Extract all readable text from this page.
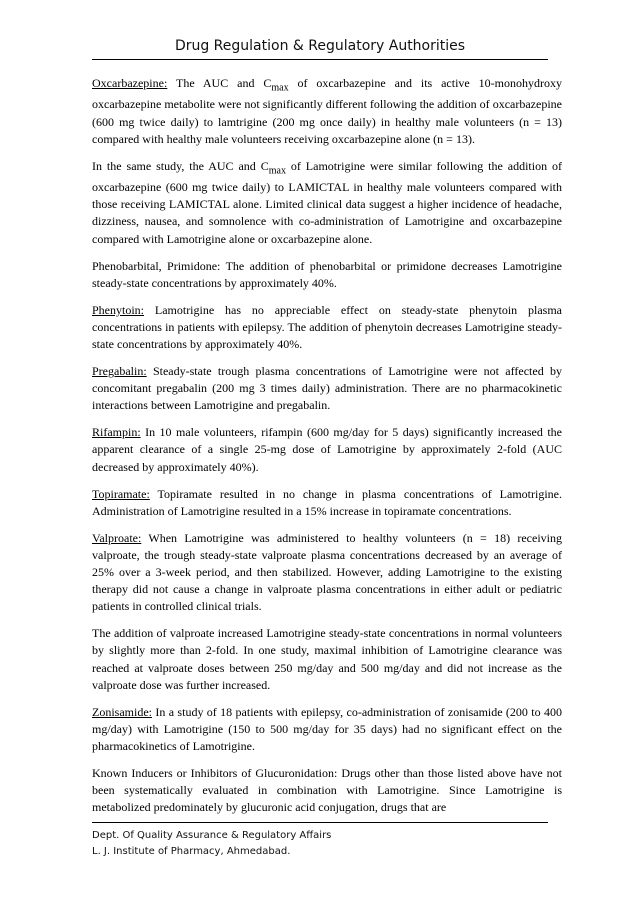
Drug Regulation & Regulatory Authorities

Oxcarbazepine: The AUC and $C_{max}$ of oxcarbazepine and its active 10-monohydroxy oxcarbazepine metabolite were not significantly different following the addition of oxcarbazepine (600 mg twice daily) to lamtrigine (200 mg once daily) in healthy male volunteers (n = 13) compared with healthy male volunteers receiving oxcarbazepine alone (n = 13).

In the same study, the AUC and $C_{max}$ of Lamotrigine were similar following the addition of oxcarbazepine (600 mg twice daily) to LAMICTAL in healthy male volunteers compared with those receiving LAMICTAL alone. Limited clinical data suggest a higher incidence of headache, dizziness, nausea, and somnolence with co-administration of Lamotrigine and oxcarbazepine compared with Lamotrigine alone or oxcarbazepine alone.

Phenobarbital, Primidone: The addition of phenobarbital or primidone decreases Lamotrigine steady-state concentrations by approximately 40%.

Phenytoin: Lamotrigine has no appreciable effect on steady-state phenytoin plasma concentrations in patients with epilepsy. The addition of phenytoin decreases Lamotrigine steady-state concentrations by approximately 40%.

Pregabalin: Steady-state trough plasma concentrations of Lamotrigine were not affected by concomitant pregabalin (200 mg 3 times daily) administration. There are no pharmacokinetic interactions between Lamotrigine and pregabalin.

Rifampin: In 10 male volunteers, rifampin (600 mg/day for 5 days) significantly increased the apparent clearance of a single 25-mg dose of Lamotrigine by approximately 2-fold (AUC decreased by approximately 40%).

Topiramate: Topiramate resulted in no change in plasma concentrations of Lamotrigine. Administration of Lamotrigine resulted in a 15% increase in topiramate concentrations.

Valproate: When Lamotrigine was administered to healthy volunteers (n = 18) receiving valproate, the trough steady-state valproate plasma concentrations decreased by an average of 25% over a 3-week period, and then stabilized. However, adding Lamotrigine to the existing therapy did not cause a change in valproate plasma concentrations in either adult or pediatric patients in controlled clinical trials.

The addition of valproate increased Lamotrigine steady-state concentrations in normal volunteers by slightly more than 2-fold. In one study, maximal inhibition of Lamotrigine clearance was reached at valproate doses between 250 mg/day and 500 mg/day and did not increase as the valproate dose was further increased.

Zonisamide: In a study of 18 patients with epilepsy, co-administration of zonisamide (200 to 400 mg/day) with Lamotrigine (150 to 500 mg/day for 35 days) had no significant effect on the pharmacokinetics of Lamotrigine.

Known Inducers or Inhibitors of Glucuronidation: Drugs other than those listed above have not been systematically evaluated in combination with Lamotrigine. Since Lamotrigine is metabolized predominately by glucuronic acid conjugation, drugs that are

Dept. Of Quality Assurance & Regulatory Affairs
L. J. Institute of Pharmacy, Ahmedabad.
